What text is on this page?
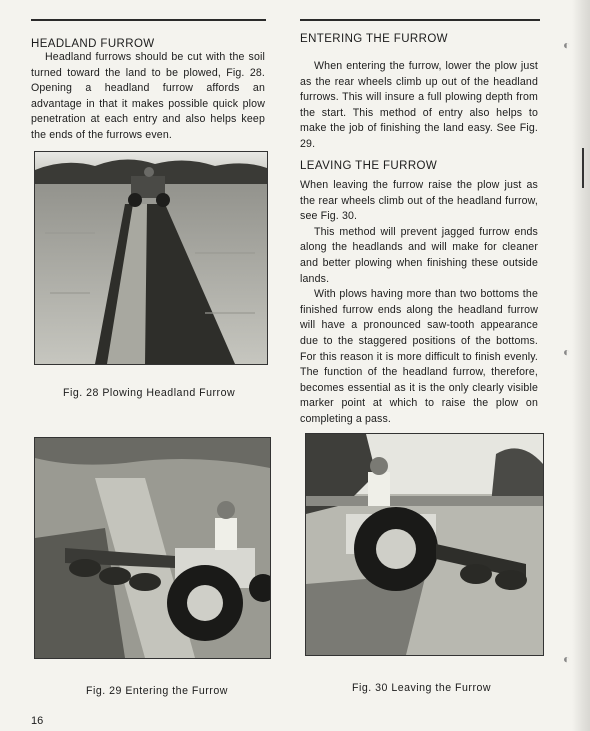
HEADLAND FURROW
Headland furrows should be cut with the soil turned toward the land to be plowed, Fig. 28. Opening a headland furrow affords an advantage in that it makes possible quick plow penetration at each entry and also helps keep the ends of the furrows even.
Fig. 28 Plowing Headland Furrow
Fig. 29 Entering the Furrow
16
ENTERING THE FURROW
When entering the furrow, lower the plow just as the rear wheels climb up out of the headland furrows. This will insure a full plowing depth from the start. This method of entry also helps to make the job of finishing the land easy. See Fig. 29.
LEAVING THE FURROW

When leaving the furrow raise the plow just as the rear wheels climb out of the headland furrow, see Fig. 30.

This method will prevent jagged furrow ends along the headlands and will make for cleaner and better plowing when finishing these outside lands.

With plows having more than two bottoms the finished furrow ends along the headland furrow will have a pronounced saw-tooth appearance due to the staggered positions of the bottoms. For this reason it is more difficult to finish evenly. The function of the headland furrow, therefore, becomes essential as it is the only clearly visible marker point at which to raise the plow on completing a pass.

Fig. 30 Leaving the Furrow
◐
◐
◐
